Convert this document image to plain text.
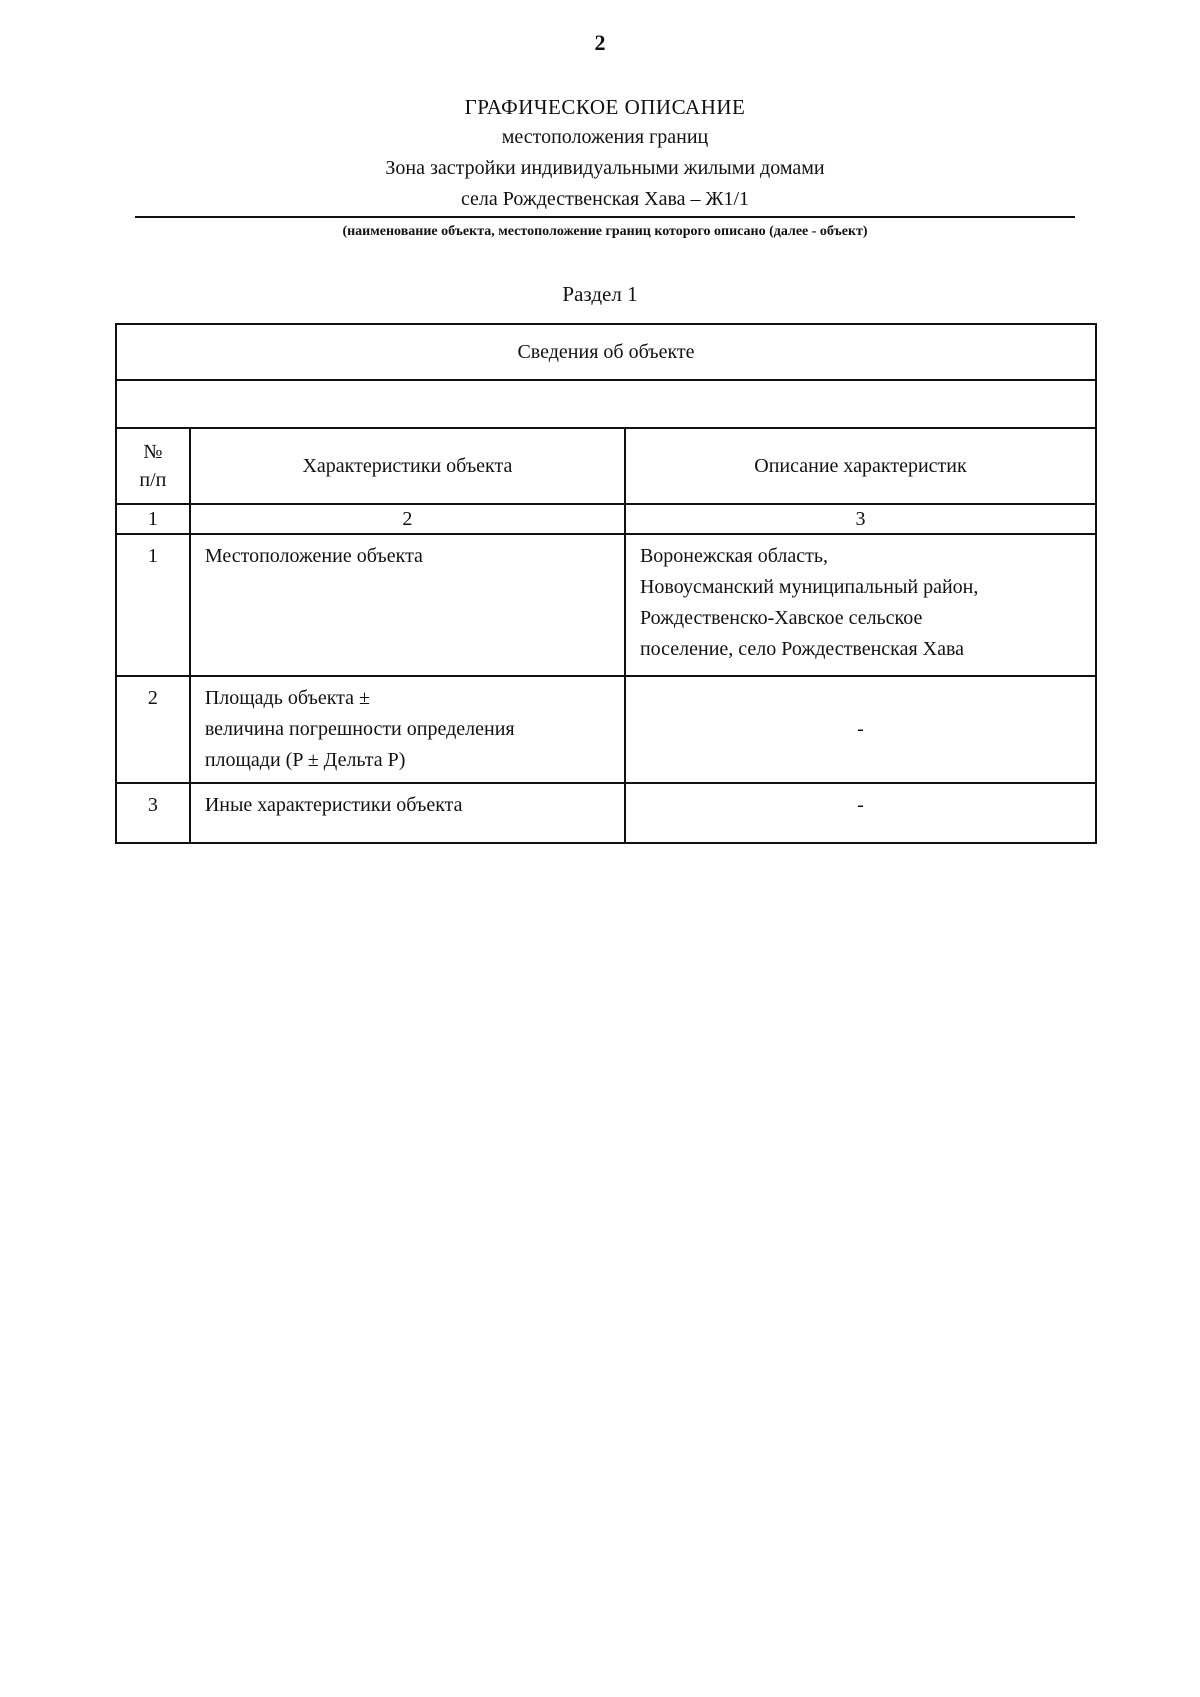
2
ГРАФИЧЕСКОЕ ОПИСАНИЕ
местоположения границ
Зона застройки индивидуальными жилыми домами
села Рождественская Хава – Ж1/1
(наименование объекта, местоположение границ которого описано (далее - объект)
Раздел 1
Сведения об объекте		

№
п/п	Характеристики объекта	Описание характеристик
1	2	3
1	Местоположение объекта	Воронежская область,
Новоусманский муниципальный район,
Рождественско-Хавское сельское
поселение, село Рождественская Хава

2	Площадь объекта ±
величина погрешности определения
площади (P ± Дельта P)	-
3	Иные характеристики объекта	-
